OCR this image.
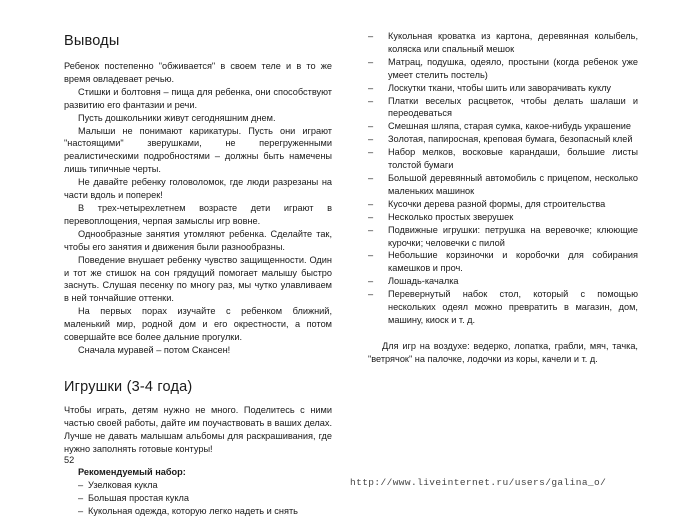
Выводы

Ребенок постепенно "обживается" в своем теле и в то же время овладевает речью.

Стишки и болтовня – пища для ребенка, они способствуют развитию его фантазии и речи.

Пусть дошкольники живут сегодняшним днем.

Малыши не понимают карикатуры. Пусть они играют "настоящими" зверушками, не перегруженными реалистическими подробностями – должны быть намечены лишь типичные черты.

Не давайте ребенку головоломок, где люди разрезаны на части вдоль и поперек!

В трех-четырехлетнем возрасте дети играют в перевоплощения, черпая замыслы игр вовне.

Однообразные занятия утомляют ребенка. Сделайте так, чтобы его занятия и движения были разнообразны.

Поведение внушает ребенку чувство защищенности. Один и тот же стишок на сон грядущий помогает малышу быстро заснуть. Слушая песенку по многу раз, мы чутко улавливаем в ней тончайшие оттенки.

На первых порах изучайте с ребенком ближний, маленький мир, родной дом и его окрестности, а потом совершайте все более дальние прогулки.

Сначала муравей – потом Скансен!

Игрушки (3-4 года)

Чтобы играть, детям нужно не много. Поделитесь с ними частью своей работы, дайте им поучаствовать в ваших делах. Лучше не давать малышам альбомы для раскрашивания, где нужно заполнять готовые контуры!

Рекомендуемый набор:
– Узелковая кукла
– Большая простая кукла
– Кукольная одежда, которую легко надеть и снять
52
– Кукольная кроватка из картона, деревянная колыбель, коляска или спальный мешок
– Матрац, подушка, одеяло, простыни (когда ребенок уже умеет стелить постель)
– Лоскутки ткани, чтобы шить или заворачивать куклу
– Платки веселых расцветок, чтобы делать шалаши и переодеваться
– Смешная шляпа, старая сумка, какое-нибудь украшение
– Золотая, папиросная, креповая бумага, безопасный клей
– Набор мелков, восковые карандаши, большие листы толстой бумаги
– Большой деревянный автомобиль с прицепом, несколько маленьких машинок
– Кусочки дерева разной формы, для строительства
– Несколько простых зверушек
– Подвижные игрушки: петрушка на веревочке; клюющие курочки; человечки с пилой
– Небольшие корзиночки и коробочки для собирания камешков и проч.
– Лошадь-качалка
– Перевернутый набок стол, который с помощью нескольких одеял можно превратить в магазин, дом, машину, киоск и т. д.

Для игр на воздухе: ведерко, лопатка, грабли, мяч, тачка, "ветрячок" на палочке, лодочки из коры, качели и т. д.

http://www.liveinternet.ru/users/galina_o/
